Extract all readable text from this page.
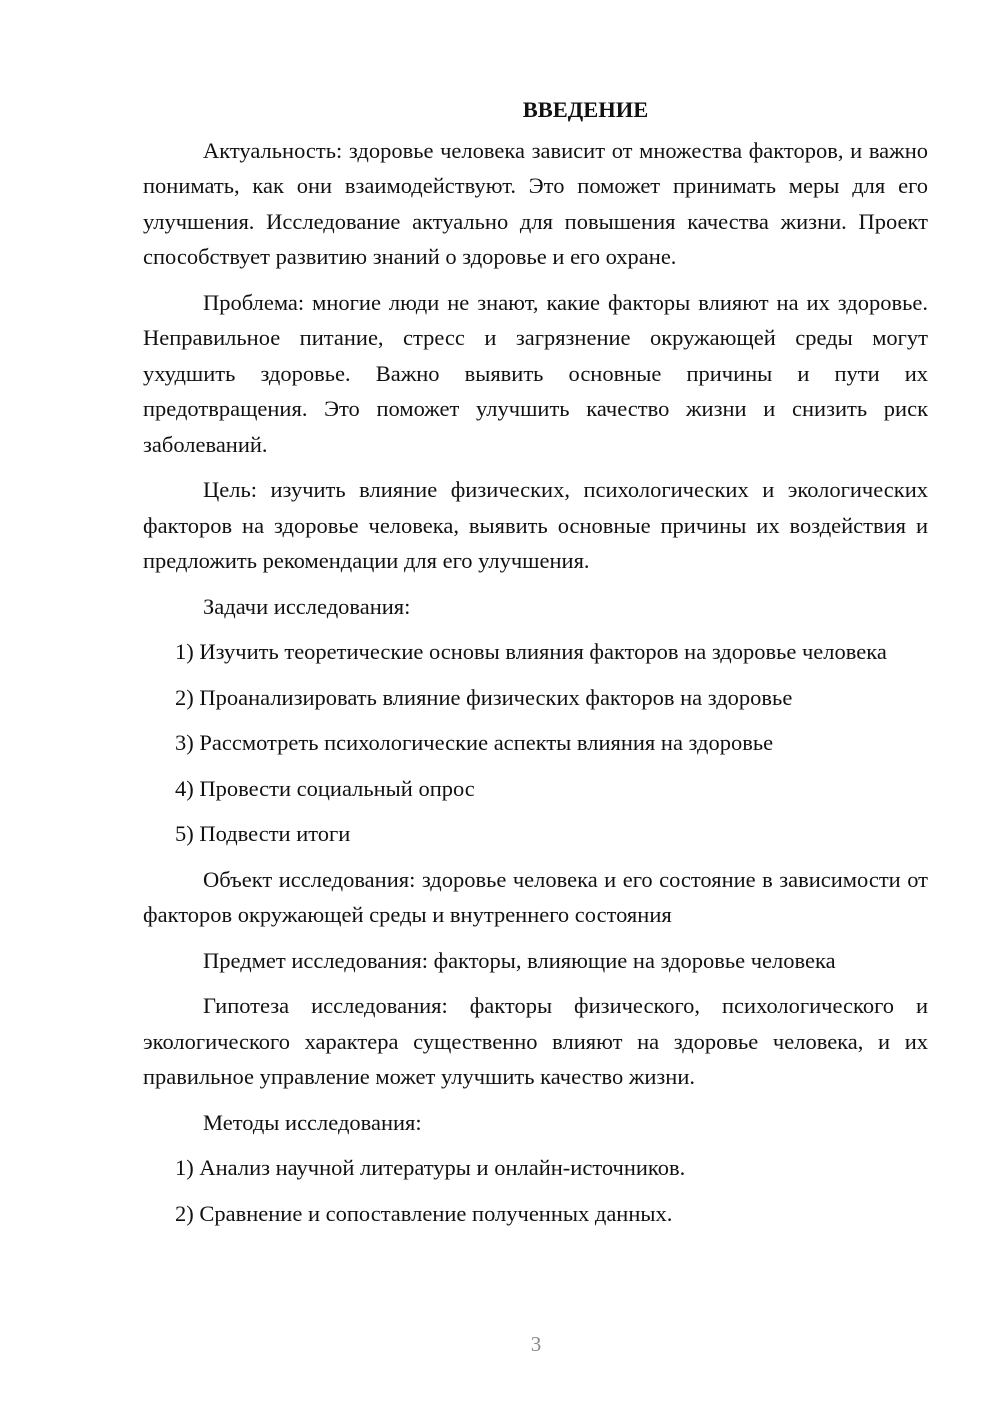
ВВЕДЕНИЕ
Актуальность: здоровье человека зависит от множества факторов, и важно понимать, как они взаимодействуют. Это поможет принимать меры для его улучшения. Исследование актуально для повышения качества жизни. Проект способствует развитию знаний о здоровье и его охране.
Проблема: многие люди не знают, какие факторы влияют на их здоровье. Неправильное питание, стресс и загрязнение окружающей среды могут ухудшить здоровье. Важно выявить основные причины и пути их предотвращения. Это поможет улучшить качество жизни и снизить риск заболеваний.
Цель: изучить влияние физических, психологических и экологических факторов на здоровье человека, выявить основные причины их воздействия и предложить рекомендации для его улучшения.
Задачи исследования:
1) Изучить теоретические основы влияния факторов на здоровье человека
2) Проанализировать влияние физических факторов на здоровье
3) Рассмотреть психологические аспекты влияния на здоровье
4) Провести социальный опрос
5) Подвести итоги
Объект исследования: здоровье человека и его состояние в зависимости от факторов окружающей среды и внутреннего состояния
Предмет исследования: факторы, влияющие на здоровье человека
Гипотеза исследования: факторы физического, психологического и экологического характера существенно влияют на здоровье человека, и их правильное управление может улучшить качество жизни.
Методы исследования:
1) Анализ научной литературы и онлайн-источников.
2) Сравнение и сопоставление полученных данных.
3
